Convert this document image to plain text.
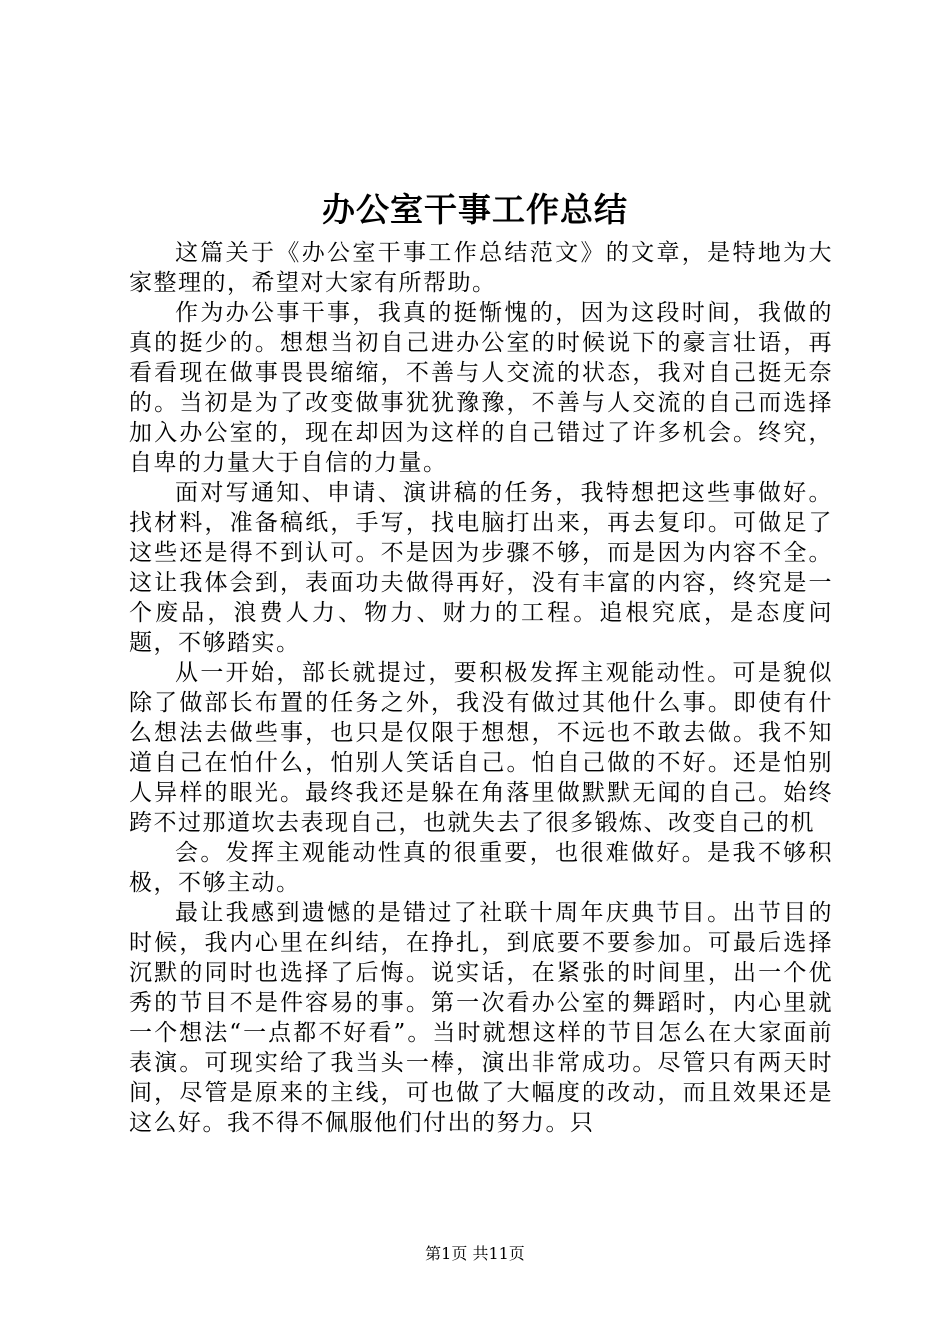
办公室干事工作总结

这篇关于《办公室干事工作总结范文》的文章，是特地为大家整理的，希望对大家有所帮助。

作为办公事干事，我真的挺惭愧的，因为这段时间，我做的真的挺少的。想想当初自己进办公室的时候说下的豪言壮语，再看看现在做事畏畏缩缩，不善与人交流的状态，我对自己挺无奈的。当初是为了改变做事犹犹豫豫，不善与人交流的自己而选择加入办公室的，现在却因为这样的自己错过了许多机会。终究，自卑的力量大于自信的力量。

面对写通知、申请、演讲稿的任务，我特想把这些事做好。找材料，准备稿纸，手写，找电脑打出来，再去复印。可做足了这些还是得不到认可。不是因为步骤不够，而是因为内容不全。这让我体会到，表面功夫做得再好，没有丰富的内容，终究是一个废品，浪费人力、物力、财力的工程。追根究底，是态度问题，不够踏实。

从一开始，部长就提过，要积极发挥主观能动性。可是貌似除了做部长布置的任务之外，我没有做过其他什么事。即使有什么想法去做些事，也只是仅限于想想，不远也不敢去做。我不知道自己在怕什么，怕别人笑话自己。怕自己做的不好。还是怕别人异样的眼光。最终我还是躲在角落里做默默无闻的自己。始终跨不过那道坎去表现自己，也就失去了很多锻炼、改变自己的机

会。发挥主观能动性真的很重要，也很难做好。是我不够积极，不够主动。

最让我感到遗憾的是错过了社联十周年庆典节目。出节目的时候，我内心里在纠结，在挣扎，到底要不要参加。可最后选择沉默的同时也选择了后悔。说实话，在紧张的时间里，出一个优秀的节目不是件容易的事。第一次看办公室的舞蹈时，内心里就一个想法“一点都不好看”。当时就想这样的节目怎么在大家面前表演。可现实给了我当头一棒，演出非常成功。尽管只有两天时间，尽管是原来的主线，可也做了大幅度的改动，而且效果还是这么好。我不得不佩服他们付出的努力。只

第1页 共11页
